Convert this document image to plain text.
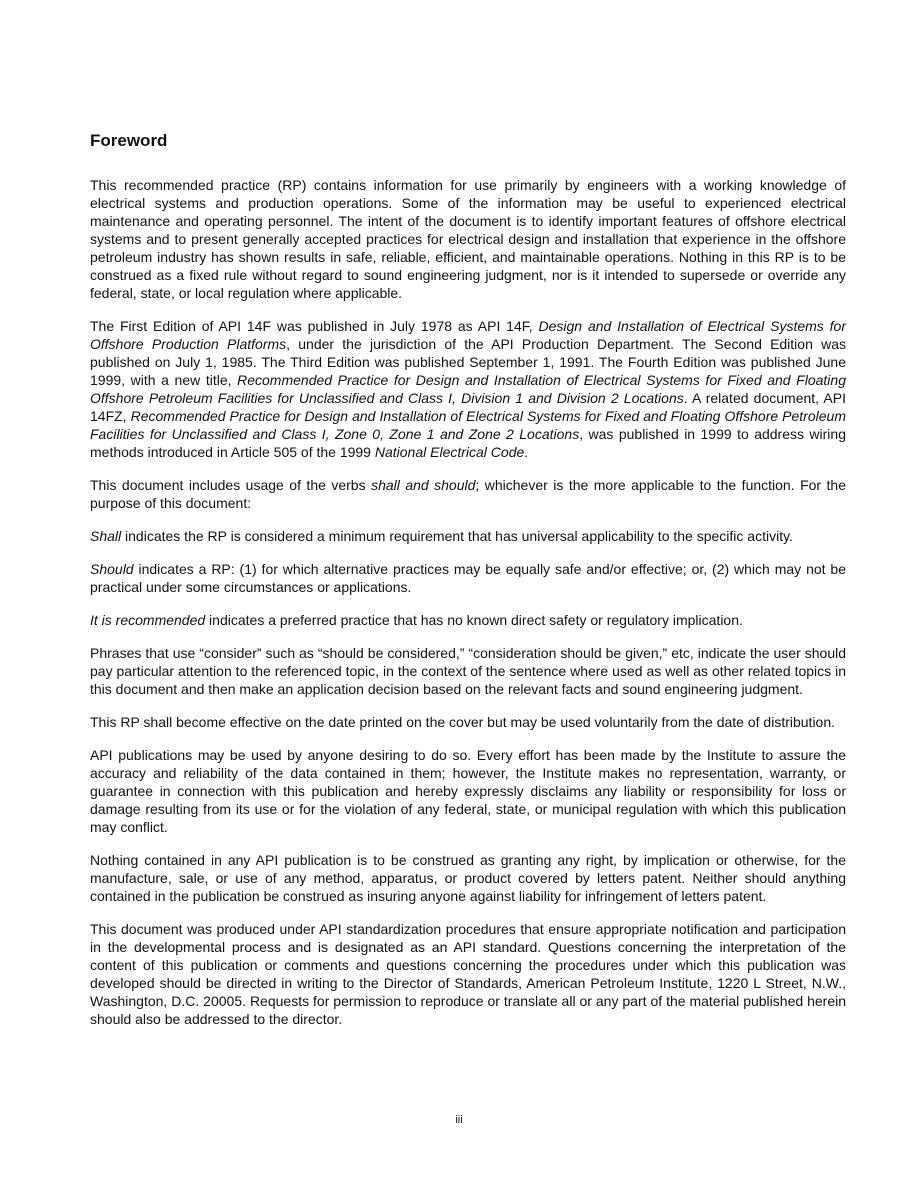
Foreword

This recommended practice (RP) contains information for use primarily by engineers with a working knowledge of electrical systems and production operations. Some of the information may be useful to experienced electrical maintenance and operating personnel. The intent of the document is to identify important features of offshore electrical systems and to present generally accepted practices for electrical design and installation that experience in the offshore petroleum industry has shown results in safe, reliable, efficient, and maintainable operations. Nothing in this RP is to be construed as a fixed rule without regard to sound engineering judgment, nor is it intended to supersede or override any federal, state, or local regulation where applicable.

The First Edition of API 14F was published in July 1978 as API 14F, Design and Installation of Electrical Systems for Offshore Production Platforms, under the jurisdiction of the API Production Department. The Second Edition was published on July 1, 1985. The Third Edition was published September 1, 1991. The Fourth Edition was published June 1999, with a new title, Recommended Practice for Design and Installation of Electrical Systems for Fixed and Floating Offshore Petroleum Facilities for Unclassified and Class I, Division 1 and Division 2 Locations. A related document, API 14FZ, Recommended Practice for Design and Installation of Electrical Systems for Fixed and Floating Offshore Petroleum Facilities for Unclassified and Class I, Zone 0, Zone 1 and Zone 2 Locations, was published in 1999 to address wiring methods introduced in Article 505 of the 1999 National Electrical Code.

This document includes usage of the verbs shall and should; whichever is the more applicable to the function. For the purpose of this document:

Shall indicates the RP is considered a minimum requirement that has universal applicability to the specific activity.

Should indicates a RP: (1) for which alternative practices may be equally safe and/or effective; or, (2) which may not be practical under some circumstances or applications.

It is recommended indicates a preferred practice that has no known direct safety or regulatory implication.

Phrases that use “consider” such as “should be considered,” “consideration should be given,” etc, indicate the user should pay particular attention to the referenced topic, in the context of the sentence where used as well as other related topics in this document and then make an application decision based on the relevant facts and sound engineering judgment.

This RP shall become effective on the date printed on the cover but may be used voluntarily from the date of distribution.

API publications may be used by anyone desiring to do so. Every effort has been made by the Institute to assure the accuracy and reliability of the data contained in them; however, the Institute makes no representation, warranty, or guarantee in connection with this publication and hereby expressly disclaims any liability or responsibility for loss or damage resulting from its use or for the violation of any federal, state, or municipal regulation with which this publication may conflict.

Nothing contained in any API publication is to be construed as granting any right, by implication or otherwise, for the manufacture, sale, or use of any method, apparatus, or product covered by letters patent. Neither should anything contained in the publication be construed as insuring anyone against liability for infringement of letters patent.

This document was produced under API standardization procedures that ensure appropriate notification and participation in the developmental process and is designated as an API standard. Questions concerning the interpretation of the content of this publication or comments and questions concerning the procedures under which this publication was developed should be directed in writing to the Director of Standards, American Petroleum Institute, 1220 L Street, N.W., Washington, D.C. 20005. Requests for permission to reproduce or translate all or any part of the material published herein should also be addressed to the director.

iii
